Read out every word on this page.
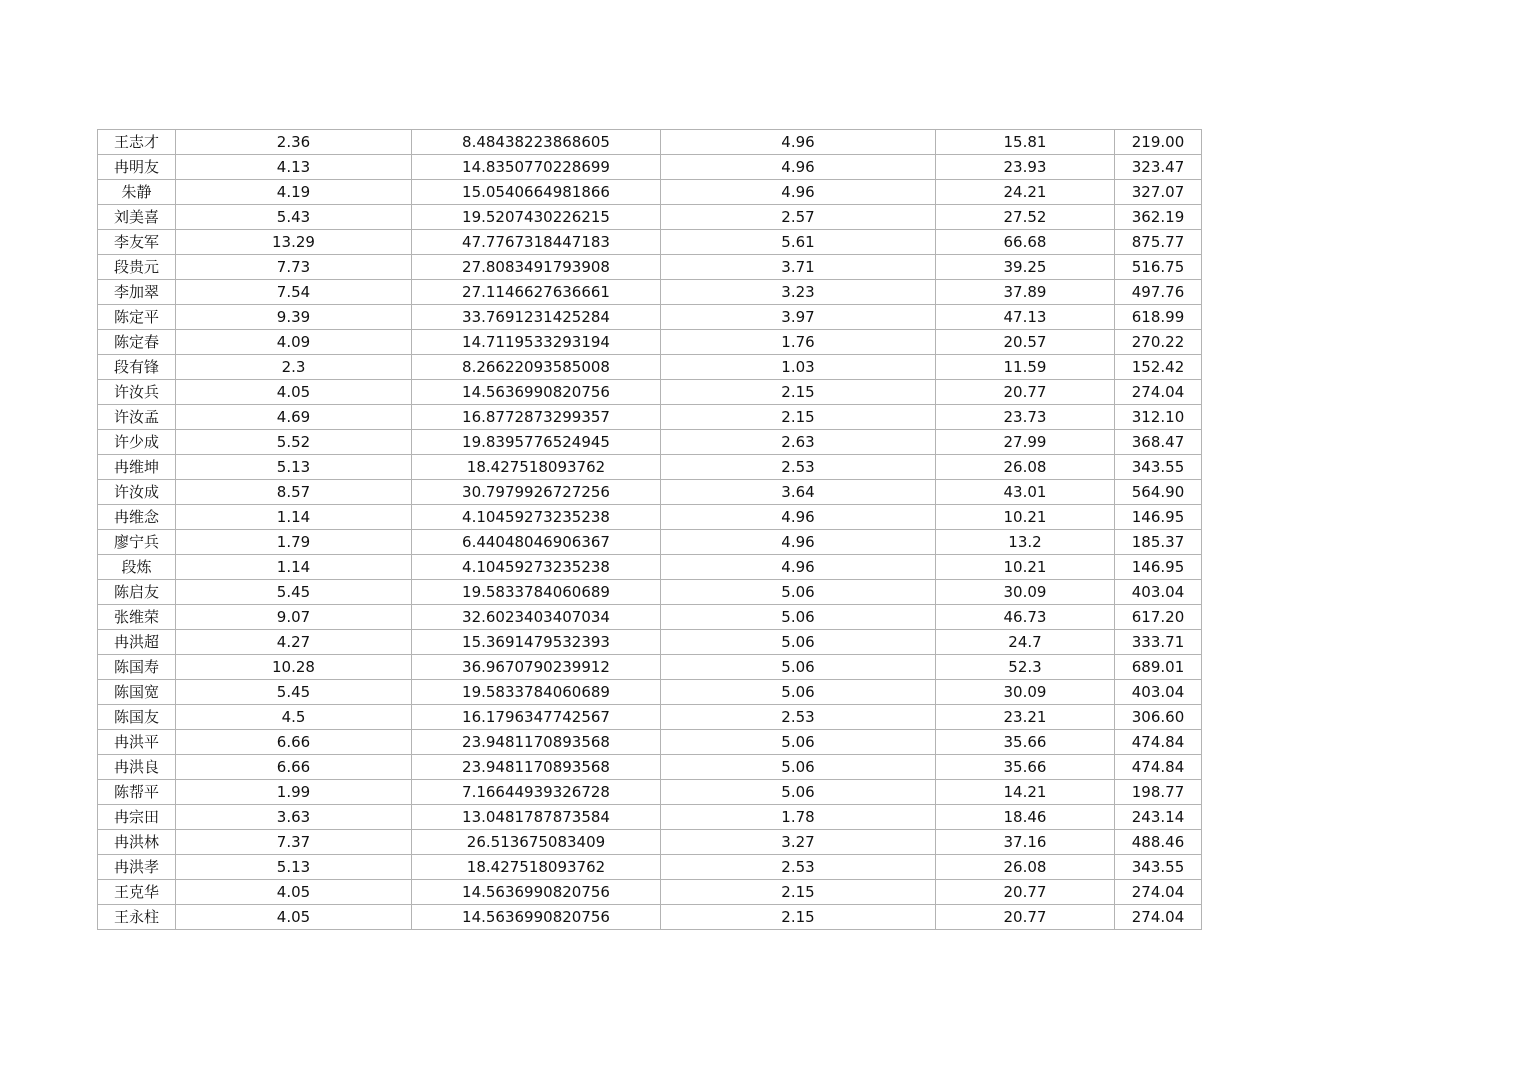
王志才	2.36	8.48438223868605	4.96	15.81	219.00
冉明友	4.13	14.8350770228699	4.96	23.93	323.47
朱静	4.19	15.0540664981866	4.96	24.21	327.07
刘美喜	5.43	19.5207430226215	2.57	27.52	362.19
李友军	13.29	47.7767318447183	5.61	66.68	875.77
段贵元	7.73	27.8083491793908	3.71	39.25	516.75
李加翠	7.54	27.1146627636661	3.23	37.89	497.76
陈定平	9.39	33.7691231425284	3.97	47.13	618.99
陈定春	4.09	14.7119533293194	1.76	20.57	270.22
段有锋	2.3	8.26622093585008	1.03	11.59	152.42
许汝兵	4.05	14.5636990820756	2.15	20.77	274.04
许汝孟	4.69	16.8772873299357	2.15	23.73	312.10
许少成	5.52	19.8395776524945	2.63	27.99	368.47
冉维坤	5.13	18.427518093762	2.53	26.08	343.55
许汝成	8.57	30.7979926727256	3.64	43.01	564.90
冉维念	1.14	4.10459273235238	4.96	10.21	146.95
廖宁兵	1.79	6.44048046906367	4.96	13.2	185.37
段炼	1.14	4.10459273235238	4.96	10.21	146.95
陈启友	5.45	19.5833784060689	5.06	30.09	403.04
张维荣	9.07	32.6023403407034	5.06	46.73	617.20
冉洪超	4.27	15.3691479532393	5.06	24.7	333.71
陈国寿	10.28	36.9670790239912	5.06	52.3	689.01
陈国宽	5.45	19.5833784060689	5.06	30.09	403.04
陈国友	4.5	16.1796347742567	2.53	23.21	306.60
冉洪平	6.66	23.9481170893568	5.06	35.66	474.84
冉洪良	6.66	23.9481170893568	5.06	35.66	474.84
陈帮平	1.99	7.16644939326728	5.06	14.21	198.77
冉宗田	3.63	13.0481787873584	1.78	18.46	243.14
冉洪林	7.37	26.513675083409	3.27	37.16	488.46
冉洪孝	5.13	18.427518093762	2.53	26.08	343.55
王克华	4.05	14.5636990820756	2.15	20.77	274.04
王永柱	4.05	14.5636990820756	2.15	20.77	274.04
